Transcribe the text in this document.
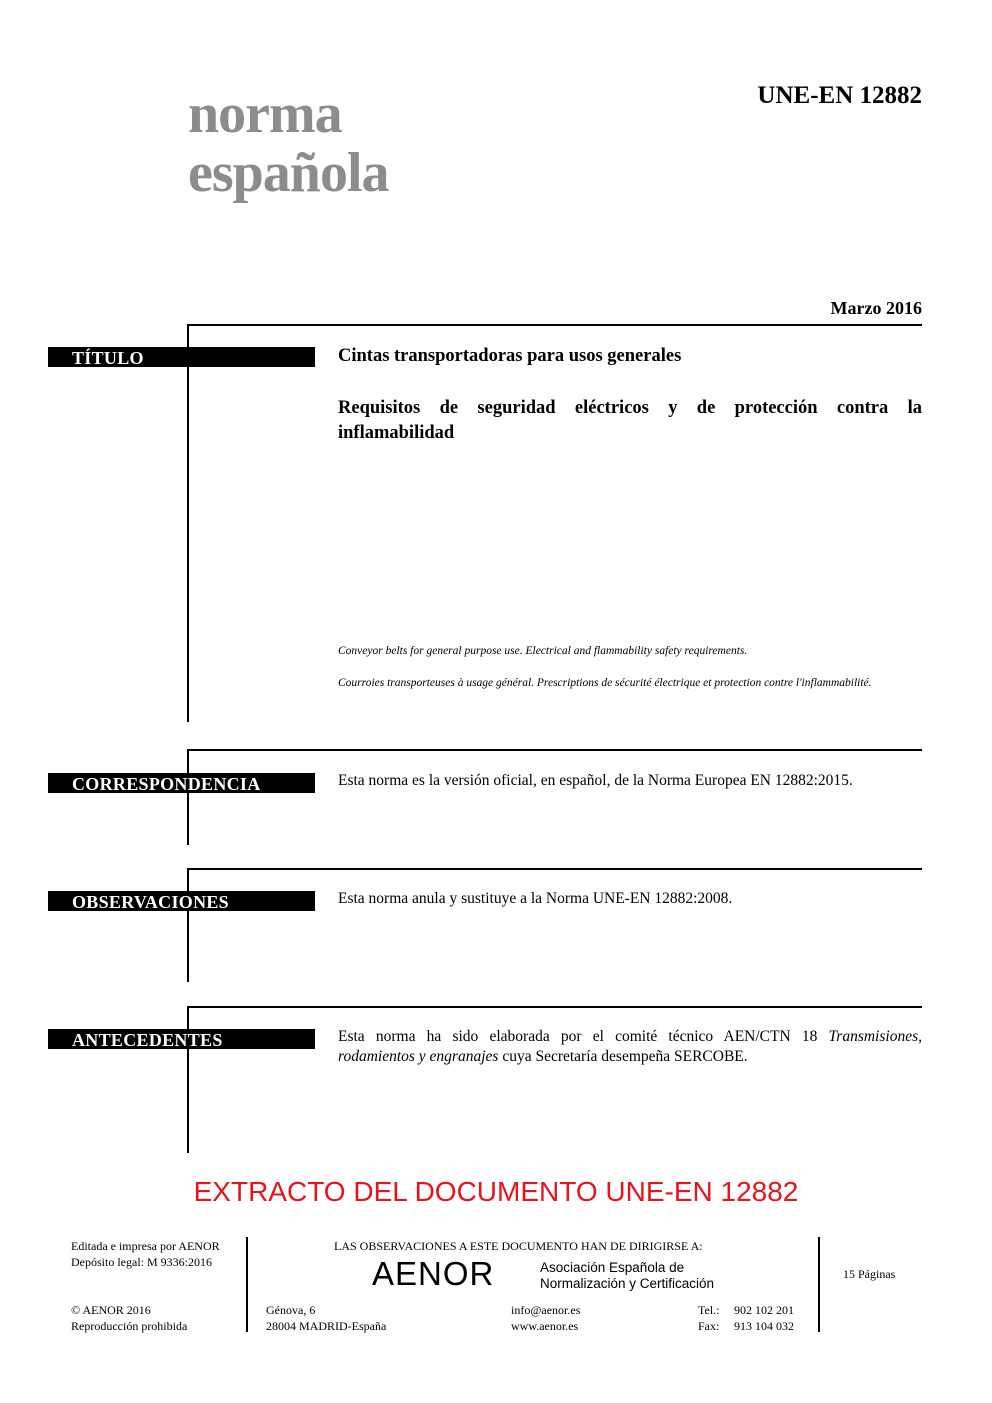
norma
española
UNE-EN 12882
Marzo 2016
TÍTULO	Cintas transportadoras para usos generales
Requisitos de seguridad eléctricos y de protección contra la inflamabilidad
Conveyor belts for general purpose use. Electrical and flammability safety requirements.
Courroies transporteuses à usage général. Prescriptions de sécurité électrique et protection contre l'inflammabilité.
CORRESPONDENCIA	Esta norma es la versión oficial, en español, de la Norma Europea EN 12882:2015.
OBSERVACIONES	Esta norma anula y sustituye a la Norma UNE-EN 12882:2008.
ANTECEDENTES	Esta norma ha sido elaborada por el comité técnico AEN/CTN 18 Transmisiones, rodamientos y engranajes cuya Secretaría desempeña SERCOBE.
EXTRACTO DEL DOCUMENTO UNE-EN 12882
Editada e impresa por AENOR
Depósito legal: M 9336:2016
© AENOR 2016
Reproducción prohibida
LAS OBSERVACIONES A ESTE DOCUMENTO HAN DE DIRIGIRSE A:
AENOR	Asociación Española de
Normalización y Certificación
Génova, 6
28004 MADRID-España
info@aenor.es
www.aenor.es
Tel.: 902 102 201
Fax: 913 104 032
15 Páginas
